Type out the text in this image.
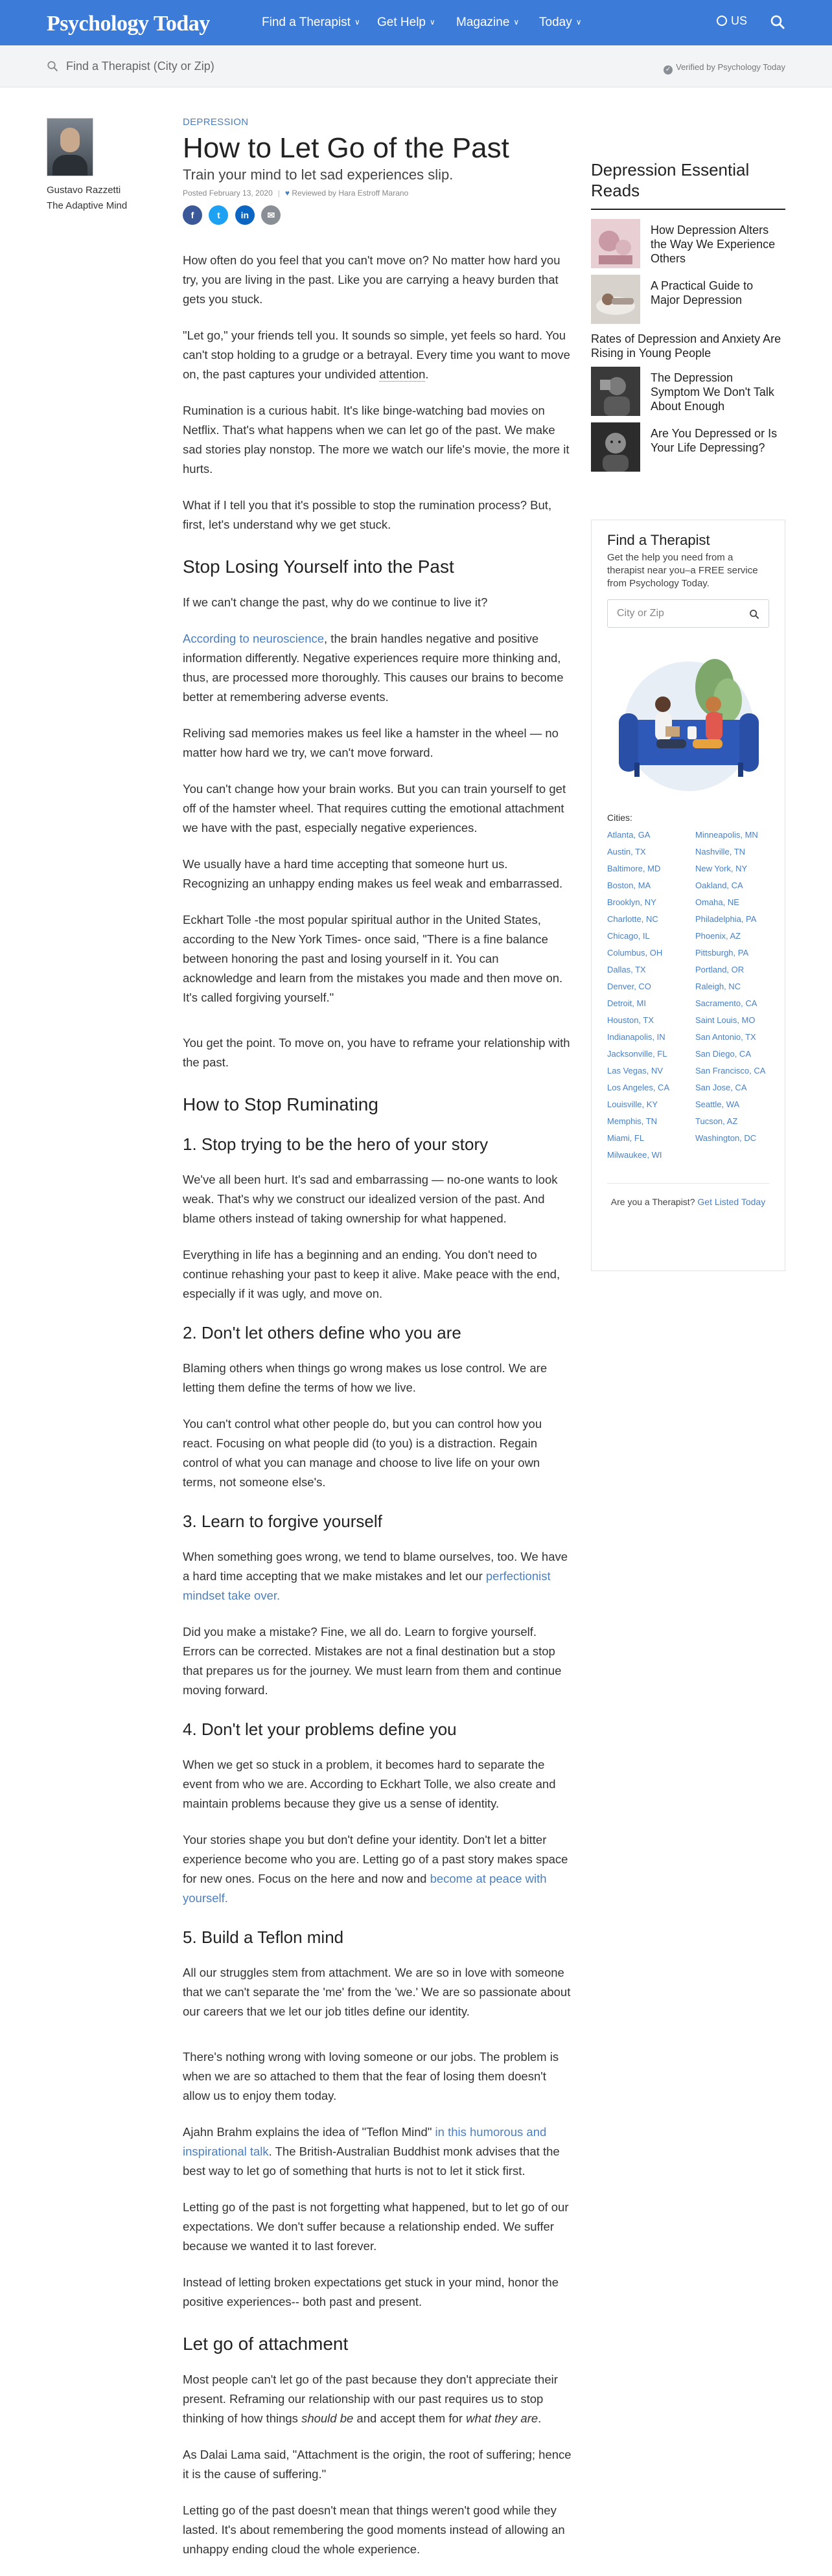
Psychology Today	Find a Therapist ∨ Get Help ∨ Magazine ∨ Today ∨	US
Find a Therapist (City or Zip)	✓ Verified by Psychology Today
Gustavo Razzetti
The Adaptive Mind
DEPRESSION
How to Let Go of the Past
Train your mind to let sad experiences slip.
Posted February 13, 2020 | ♥ Reviewed by Hara Estroff Marano
f	t in ✉

How often do you feel that you can't move on? No matter how hard you try, you are living in the past. Like you are carrying a heavy burden that gets you stuck.

"Let go," your friends tell you. It sounds so simple, yet feels so hard. You can't stop holding to a grudge or a betrayal. Every time you want to move on, the past captures your undivided attention.

Rumination is a curious habit. It's like binge-watching bad movies on Netflix. That's what happens when we can let go of the past. We make sad stories play nonstop. The more we watch our life's movie, the more it hurts.

What if I tell you that it's possible to stop the rumination process? But, first, let's understand why we get stuck.

Stop Losing Yourself into the Past

If we can't change the past, why do we continue to live it?

According to neuroscience, the brain handles negative and positive information differently. Negative experiences require more thinking and, thus, are processed more thoroughly. This causes our brains to become better at remembering adverse events.

Reliving sad memories makes us feel like a hamster in the wheel — no matter how hard we try, we can't move forward.

You can't change how your brain works. But you can train yourself to get off of the hamster wheel. That requires cutting the emotional attachment we have with the past, especially negative experiences.

We usually have a hard time accepting that someone hurt us. Recognizing an unhappy ending makes us feel weak and embarrassed.

Eckhart Tolle -the most popular spiritual author in the United States, according to the New York Times- once said, "There is a fine balance between honoring the past and losing yourself in it. You can acknowledge and learn from the mistakes you made and then move on. It's called forgiving yourself."

You get the point. To move on, you have to reframe your relationship with the past.

How to Stop Ruminating
1. Stop trying to be the hero of your story

We've all been hurt. It's sad and embarrassing — no-one wants to look weak. That's why we construct our idealized version of the past. And blame others instead of taking ownership for what happened.

Everything in life has a beginning and an ending. You don't need to continue rehashing your past to keep it alive. Make peace with the end, especially if it was ugly, and move on.

2. Don't let others define who you are

Blaming others when things go wrong makes us lose control. We are letting them define the terms of how we live.

You can't control what other people do, but you can control how you react. Focusing on what people did (to you) is a distraction. Regain control of what you can manage and choose to live life on your own terms, not someone else's.

3. Learn to forgive yourself

When something goes wrong, we tend to blame ourselves, too. We have a hard time accepting that we make mistakes and let our perfectionist mindset take over.

Did you make a mistake? Fine, we all do. Learn to forgive yourself. Errors can be corrected. Mistakes are not a final destination but a stop that prepares us for the journey. We must learn from them and continue moving forward.

4. Don't let your problems define you

When we get so stuck in a problem, it becomes hard to separate the event from who we are. According to Eckhart Tolle, we also create and maintain problems because they give us a sense of identity.

Your stories shape you but don't define your identity. Don't let a bitter experience become who you are. Letting go of a past story makes space for new ones. Focus on the here and now and become at peace with yourself.

5. Build a Teflon mind

All our struggles stem from attachment. We are so in love with someone that we can't separate the 'me' from the 'we.' We are so passionate about our careers that we let our job titles define our identity.

There's nothing wrong with loving someone or our jobs. The problem is when we are so attached to them that the fear of losing them doesn't allow us to enjoy them today.

Ajahn Brahm explains the idea of "Teflon Mind" in this humorous and inspirational talk. The British-Australian Buddhist monk advises that the best way to let go of something that hurts is not to let it stick first.

Letting go of the past is not forgetting what happened, but to let go of our expectations. We don't suffer because a relationship ended. We suffer because we wanted it to last forever.

Instead of letting broken expectations get stuck in your mind, honor the positive experiences-- both past and present.

Let go of attachment

Most people can't let go of the past because they don't appreciate their present. Reframing our relationship with our past requires us to stop thinking of how things should be and accept them for what they are.

As Dalai Lama said, "Attachment is the origin, the root of suffering; hence it is the cause of suffering."

Letting go of the past doesn't mean that things weren't good while they lasted. It's about remembering the good moments instead of allowing an unhappy ending cloud the whole experience.

Depression Essential Reads
How Depression Alters the Way We Experience Others
A Practical Guide to Major Depression
Rates of Depression and Anxiety Are Rising in Young People
The Depression Symptom We Don't Talk About Enough
Are You Depressed or Is Your Life Depressing?
Find a Therapist
Get the help you need from a therapist near you–a FREE service from Psychology Today.
City or Zip
Cities:
Atlanta, GA	Minneapolis, MN
Austin, TX	Nashville, TN
Baltimore, MD	New York, NY
Boston, MA	Oakland, CA
Brooklyn, NY	Omaha, NE
Charlotte, NC	Philadelphia, PA
Chicago, IL	Phoenix, AZ
Columbus, OH	Pittsburgh, PA
Dallas, TX	Portland, OR
Denver, CO	Raleigh, NC
Detroit, MI	Sacramento, CA
Houston, TX	Saint Louis, MO
Indianapolis, IN	San Antonio, TX
Jacksonville, FL	San Diego, CA
Las Vegas, NV	San Francisco, CA
Los Angeles, CA	San Jose, CA
Louisville, KY	Seattle, WA
Memphis, TN	Tucson, AZ
Miami, FL	Washington, DC
Milwaukee, WI
Are you a Therapist? Get Listed Today
